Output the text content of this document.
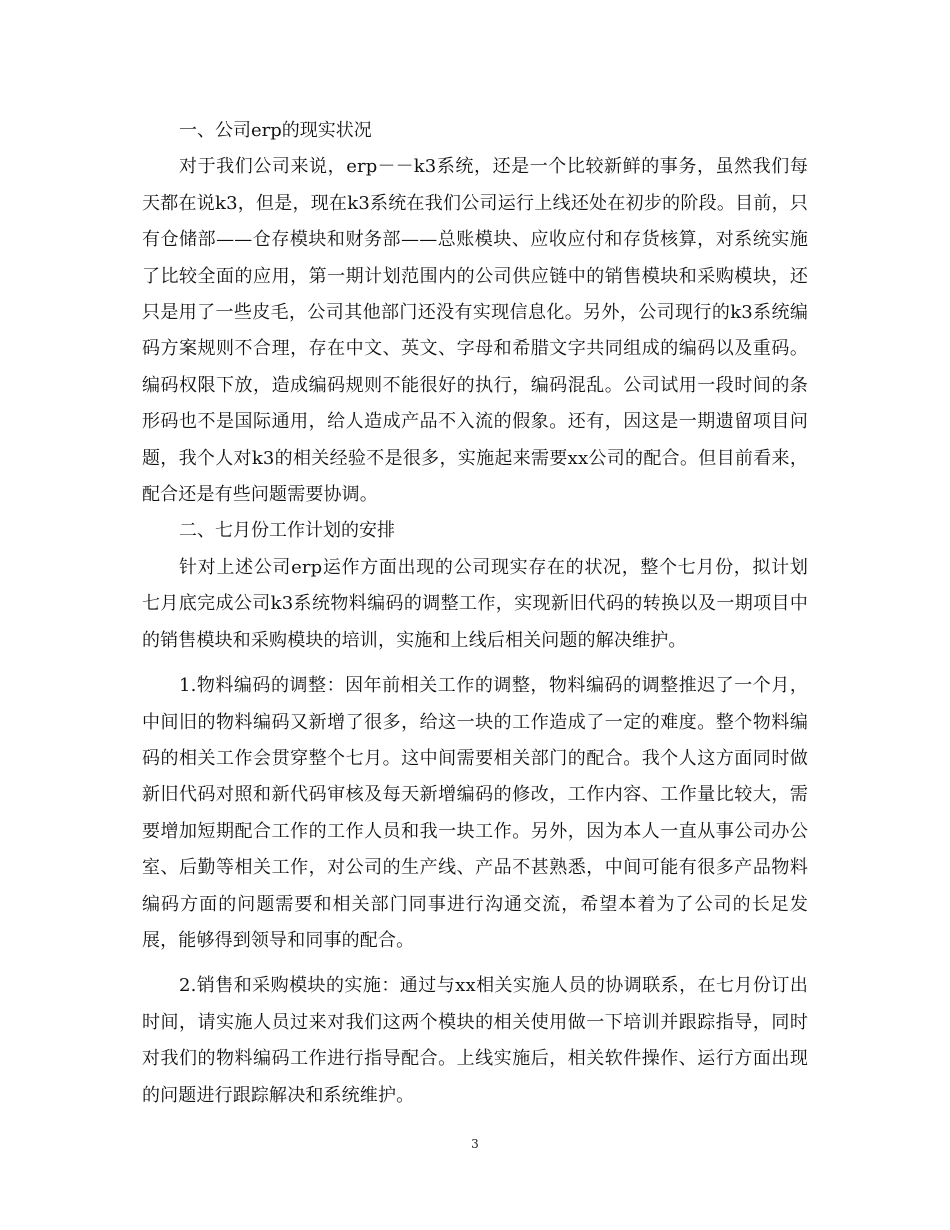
一、公司erp的现实状况

对于我们公司来说，erp－－k3系统，还是一个比较新鲜的事务，虽然我们每天都在说k3，但是，现在k3系统在我们公司运行上线还处在初步的阶段。目前，只有仓储部——仓存模块和财务部——总账模块、应收应付和存货核算，对系统实施了比较全面的应用，第一期计划范围内的公司供应链中的销售模块和采购模块，还只是用了一些皮毛，公司其他部门还没有实现信息化。另外，公司现行的k3系统编码方案规则不合理，存在中文、英文、字母和希腊文字共同组成的编码以及重码。编码权限下放，造成编码规则不能很好的执行，编码混乱。公司试用一段时间的条形码也不是国际通用，给人造成产品不入流的假象。还有，因这是一期遗留项目问题，我个人对k3的相关经验不是很多，实施起来需要xx公司的配合。但目前看来，配合还是有些问题需要协调。

二、七月份工作计划的安排

针对上述公司erp运作方面出现的公司现实存在的状况，整个七月份，拟计划七月底完成公司k3系统物料编码的调整工作，实现新旧代码的转换以及一期项目中的销售模块和采购模块的培训，实施和上线后相关问题的解决维护。

1.物料编码的调整：因年前相关工作的调整，物料编码的调整推迟了一个月，中间旧的物料编码又新增了很多，给这一块的工作造成了一定的难度。整个物料编码的相关工作会贯穿整个七月。这中间需要相关部门的配合。我个人这方面同时做新旧代码对照和新代码审核及每天新增编码的修改，工作内容、工作量比较大，需要增加短期配合工作的工作人员和我一块工作。另外，因为本人一直从事公司办公室、后勤等相关工作，对公司的生产线、产品不甚熟悉，中间可能有很多产品物料编码方面的问题需要和相关部门同事进行沟通交流，希望本着为了公司的长足发展，能够得到领导和同事的配合。

2.销售和采购模块的实施：通过与xx相关实施人员的协调联系，在七月份订出时间，请实施人员过来对我们这两个模块的相关使用做一下培训并跟踪指导，同时对我们的物料编码工作进行指导配合。上线实施后，相关软件操作、运行方面出现的问题进行跟踪解决和系统维护。

3
